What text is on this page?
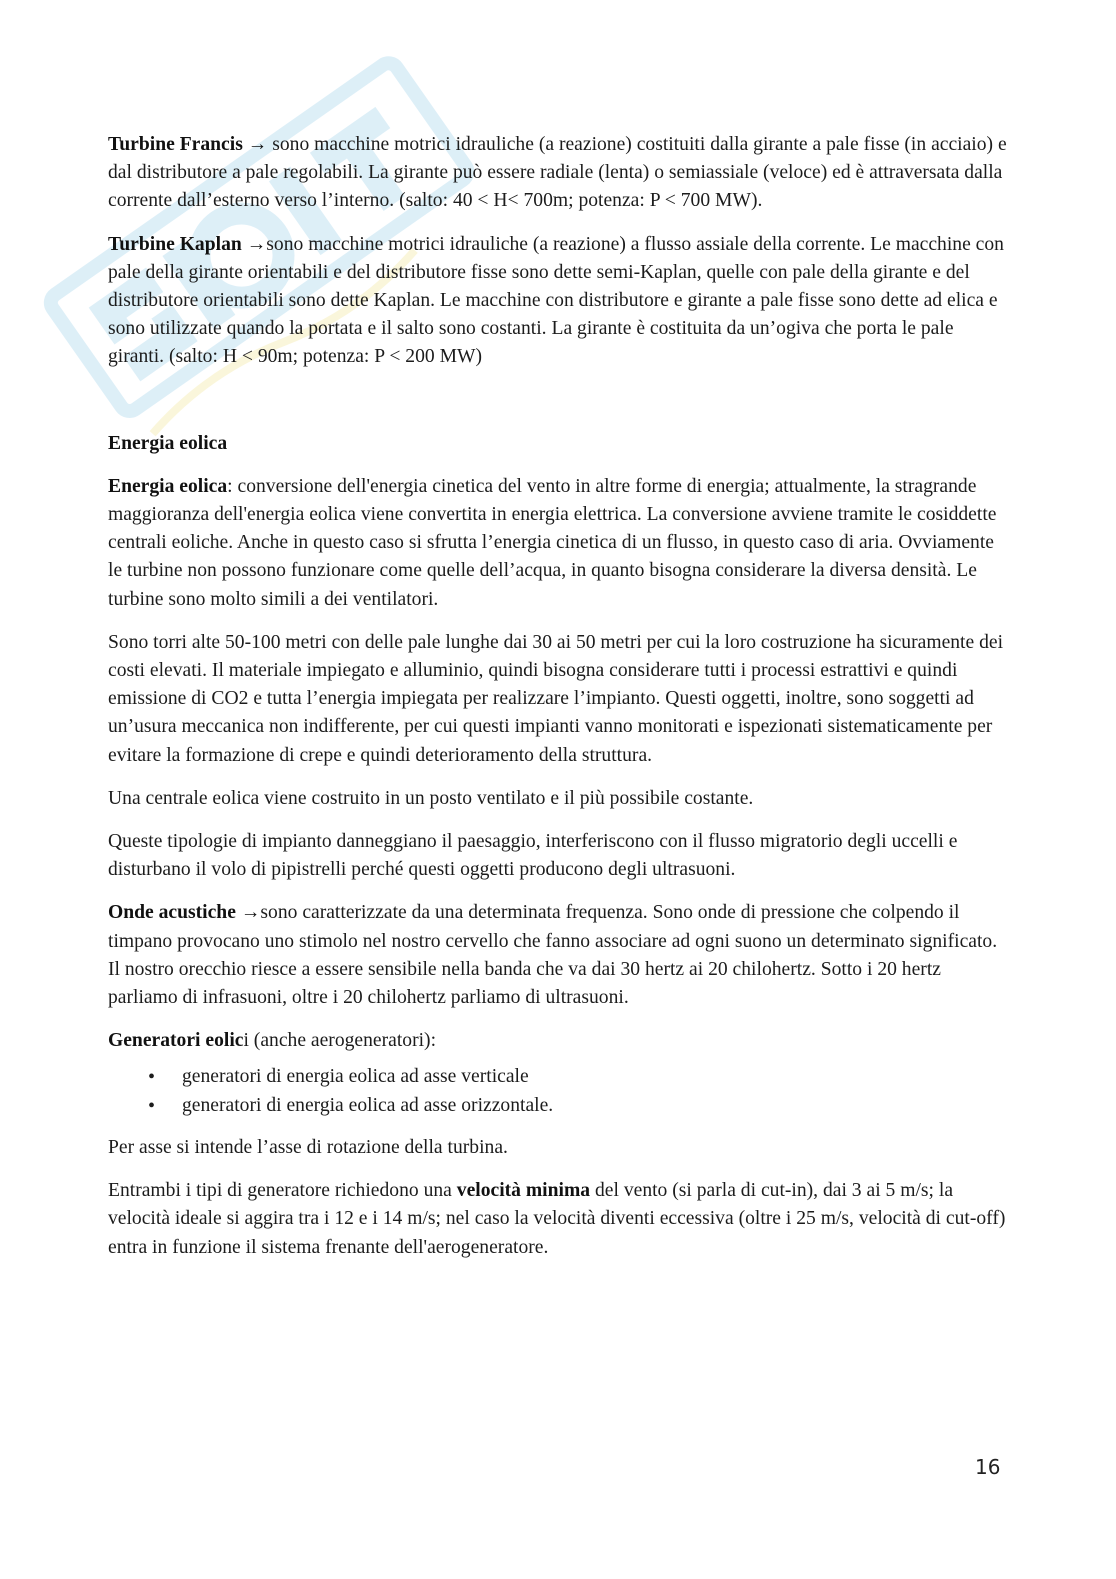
Turbine Francis → sono macchine motrici idrauliche (a reazione) costituiti dalla girante a pale fisse (in acciaio) e dal distributore a pale regolabili. La girante può essere radiale (lenta) o semiassiale (veloce) ed è attraversata dalla corrente dall’esterno verso l’interno. (salto: 40 < H< 700m; potenza: P < 700 MW).

Turbine Kaplan →sono macchine motrici idrauliche (a reazione) a flusso assiale della corrente. Le macchine con pale della girante orientabili e del distributore fisse sono dette semi-Kaplan, quelle con pale della girante e del distributore orientabili sono dette Kaplan. Le macchine con distributore e girante a pale fisse sono dette ad elica e sono utilizzate quando la portata e il salto sono costanti. La girante è costituita da un’ogiva che porta le pale giranti. (salto: H < 90m; potenza: P < 200 MW)

Energia eolica

Energia eolica: conversione dell'energia cinetica del vento in altre forme di energia; attualmente, la stragrande maggioranza dell'energia eolica viene convertita in energia elettrica. La conversione avviene tramite le cosiddette centrali eoliche. Anche in questo caso si sfrutta l’energia cinetica di un flusso, in questo caso di aria. Ovviamente le turbine non possono funzionare come quelle dell’acqua, in quanto bisogna considerare la diversa densità. Le turbine sono molto simili a dei ventilatori.

Sono torri alte 50-100 metri con delle pale lunghe dai 30 ai 50 metri per cui la loro costruzione ha sicuramente dei costi elevati. Il materiale impiegato e alluminio, quindi bisogna considerare tutti i processi estrattivi e quindi emissione di CO2 e tutta l’energia impiegata per realizzare l’impianto. Questi oggetti, inoltre, sono soggetti ad un’usura meccanica non indifferente, per cui questi impianti vanno monitorati e ispezionati sistematicamente per evitare la formazione di crepe e quindi deterioramento della struttura.

Una centrale eolica viene costruito in un posto ventilato e il più possibile costante.

Queste tipologie di impianto danneggiano il paesaggio, interferiscono con il flusso migratorio degli uccelli e disturbano il volo di pipistrelli perché questi oggetti producono degli ultrasuoni.

Onde acustiche →sono caratterizzate da una determinata frequenza. Sono onde di pressione che colpendo il timpano provocano uno stimolo nel nostro cervello che fanno associare ad ogni suono un determinato significato. Il nostro orecchio riesce a essere sensibile nella banda che va dai 30 hertz ai 20 chilohertz. Sotto i 20 hertz parliamo di infrasuoni, oltre i 20 chilohertz parliamo di ultrasuoni.

Generatori eolici (anche aerogeneratori):

• generatori di energia eolica ad asse verticale
• generatori di energia eolica ad asse orizzontale.

Per asse si intende l’asse di rotazione della turbina.

Entrambi i tipi di generatore richiedono una velocità minima del vento (si parla di cut-in), dai 3 ai 5 m/s; la velocità ideale si aggira tra i 12 e i 14 m/s; nel caso la velocità diventi eccessiva (oltre i 25 m/s, velocità di cut-off) entra in funzione il sistema frenante dell'aerogeneratore.

16
